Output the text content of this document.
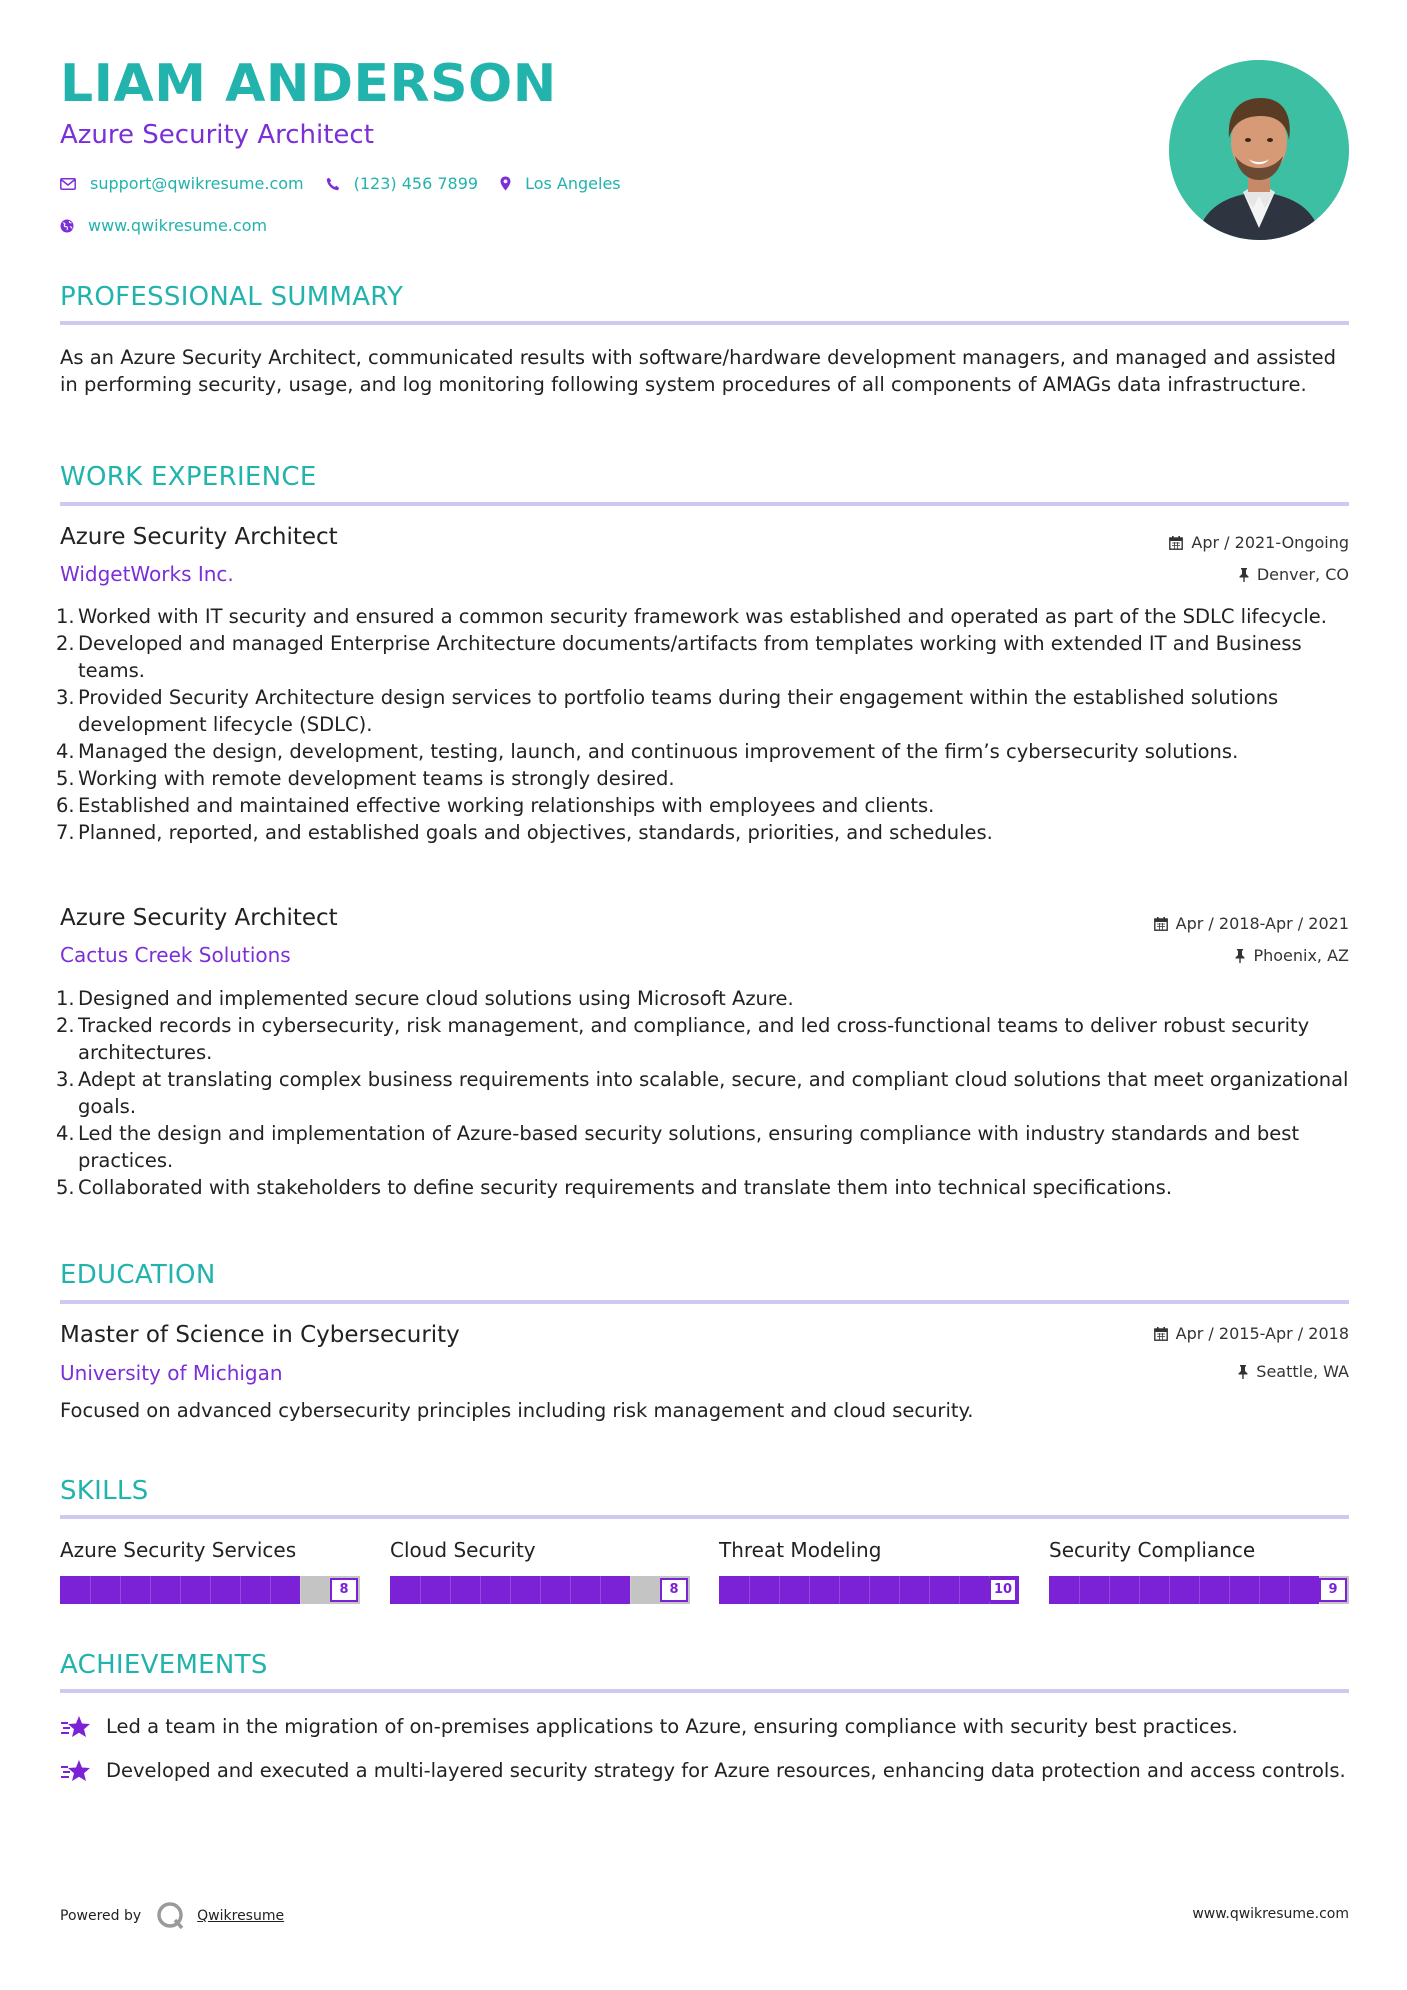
LIAM ANDERSON
Azure Security Architect
support@qwikresume.com	(123) 456 7899	Los Angeles
www.qwikresume.com
PROFESSIONAL SUMMARY
As an Azure Security Architect, communicated results with software/hardware development managers, and managed and assisted in performing security, usage, and log monitoring following system procedures of all components of AMAGs data infrastructure.
WORK EXPERIENCE
Azure Security Architect
WidgetWorks Inc.
Apr / 2021-Ongoing
Denver, CO
1. Worked with IT security and ensured a common security framework was established and operated as part of the SDLC lifecycle.
2. Developed and managed Enterprise Architecture documents/artifacts from templates working with extended IT and Business teams.
3. Provided Security Architecture design services to portfolio teams during their engagement within the established solutions development lifecycle (SDLC).
4. Managed the design, development, testing, launch, and continuous improvement of the firm’s cybersecurity solutions.
5. Working with remote development teams is strongly desired.
6. Established and maintained effective working relationships with employees and clients.
7. Planned, reported, and established goals and objectives, standards, priorities, and schedules.
Azure Security Architect
Cactus Creek Solutions
Apr / 2018-Apr / 2021
Phoenix, AZ
1. Designed and implemented secure cloud solutions using Microsoft Azure.
2. Tracked records in cybersecurity, risk management, and compliance, and led cross-functional teams to deliver robust security architectures.
3. Adept at translating complex business requirements into scalable, secure, and compliant cloud solutions that meet organizational goals.
4. Led the design and implementation of Azure-based security solutions, ensuring compliance with industry standards and best practices.
5. Collaborated with stakeholders to define security requirements and translate them into technical specifications.
EDUCATION
Master of Science in Cybersecurity
University of Michigan
Apr / 2015-Apr / 2018
Seattle, WA
Focused on advanced cybersecurity principles including risk management and cloud security.
SKILLS
Azure Security Services
8
Cloud Security
8
Threat Modeling
10
Security Compliance
9
ACHIEVEMENTS
Led a team in the migration of on-premises applications to Azure, ensuring compliance with security best practices.
Developed and executed a multi-layered security strategy for Azure resources, enhancing data protection and access controls.
Powered by	Qwikresume	www.qwikresume.com
